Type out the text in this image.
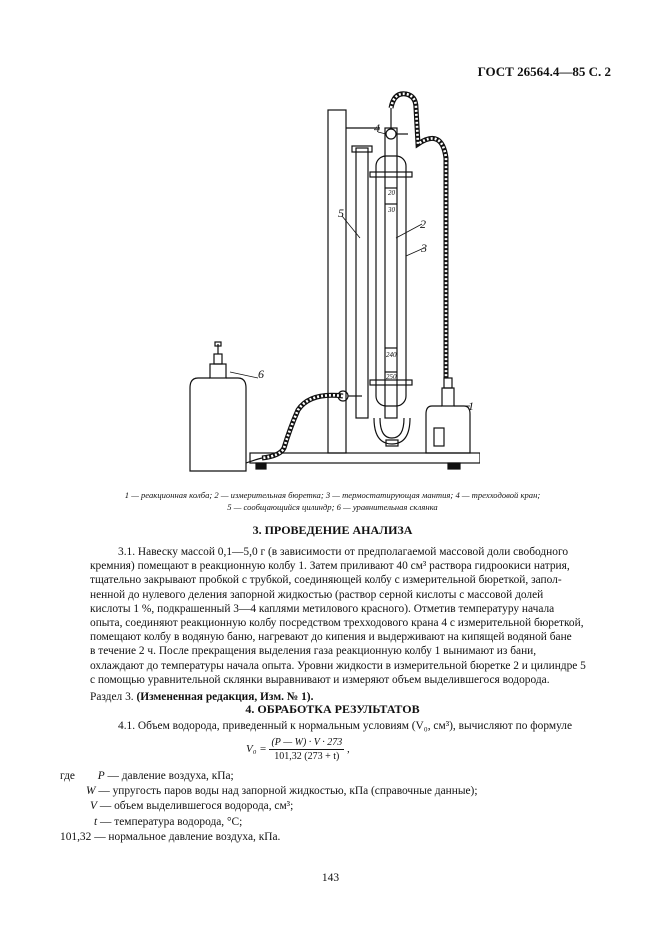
ГОСТ 26564.4—85 С. 2
1
2
3
4
5
6
20
30
240
250
1 — реакционная колба; 2 — измерительная бюретка; 3 — термостатирующая мантия; 4 — трехходовой кран;
5 — сообщающийся цилиндр; 6 — уравнительная склянка
3. ПРОВЕДЕНИЕ АНАЛИЗА
3.1. Навеску массой 0,1—5,0 г (в зависимости от предполагаемой массовой доли свободного
кремния) помещают в реакционную колбу 1. Затем приливают 40 см³ раствора гидроокиси натрия,
тщательно закрывают пробкой с трубкой, соединяющей колбу с измерительной бюреткой, запол-
ненной до нулевого деления запорной жидкостью (раствор серной кислоты с массовой долей
кислоты 1 %, подкрашенный 3—4 каплями метилового красного). Отметив температуру начала
опыта, соединяют реакционную колбу посредством трехходового крана 4 с измерительной бюреткой,
помещают колбу в водяную баню, нагревают до кипения и выдерживают на кипящей водяной бане
в течение 2 ч. После прекращения выделения газа реакционную колбу 1 вынимают из бани,
охлаждают до температуры начала опыта. Уровни жидкости в измерительной бюретке 2 и цилиндре 5
с помощью уравнительной склянки выравнивают и измеряют объем выделившегося водорода.
Раздел 3. (Измененная редакция, Изм. № 1).
4. ОБРАБОТКА РЕЗУЛЬТАТОВ
4.1. Объем водорода, приведенный к нормальным условиям (V₀, см³), вычисляют по формуле
$V_0 = \frac{(P — W) \cdot V \cdot 273}{101,32 (273 + t)}$ ,
где P — давление воздуха, кПа;
W — упругость паров воды над запорной жидкостью, кПа (справочные данные);
V — объем выделившегося водорода, см³;
t — температура водорода, °С;
101,32 — нормальное давление воздуха, кПа.
143
